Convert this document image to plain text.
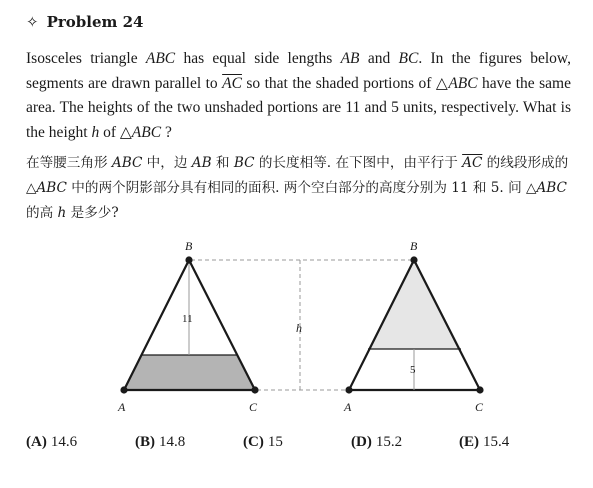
✧ Problem 24
Isosceles triangle ABC has equal side lengths AB and BC. In the figures below, segments are drawn parallel to $\overline{AC}$ so that the shaded portions of △ABC have the same area. The heights of the two unshaded portions are 11 and 5 units, respectively. What is the height h of △ABC ?
在等腰三角形 ABC 中，边 AB 和 BC 的长度相等. 在下图中，由平行于 $\overline{AC}$ 的线段形成的 △ABC 中的两个阴影部分具有相同的面积. 两个空白部分的高度分别为 11 和 5. 问 △ABC 的高 h 是多少?
B
A	C
B
A	C
h
11
5
(A) 14.6	(B) 14.8	(C) 15	(D) 15.2	(E) 15.4
